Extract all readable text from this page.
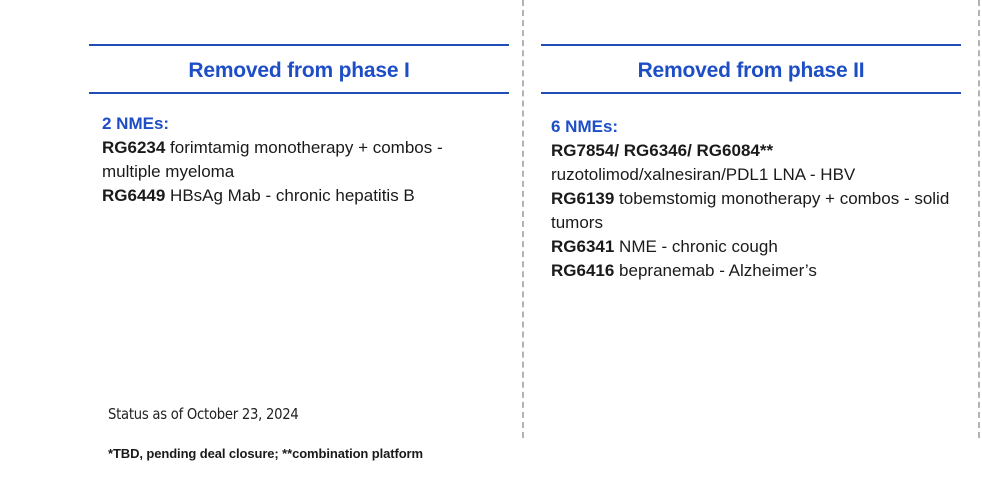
Removed from phase I
2 NMEs:
RG6234 forimtamig monotherapy + combos - multiple myeloma
RG6449 HBsAg Mab - chronic hepatitis B
Removed from phase II
6 NMEs:
RG7854/ RG6346/ RG6084** ruzotolimod/xalnesiran/PDL1 LNA - HBV
RG6139 tobemstomig monotherapy + combos - solid tumors
RG6341 NME - chronic cough
RG6416 bepranemab - Alzheimer’s
Status as of October 23, 2024
*TBD, pending deal closure; **combination platform
